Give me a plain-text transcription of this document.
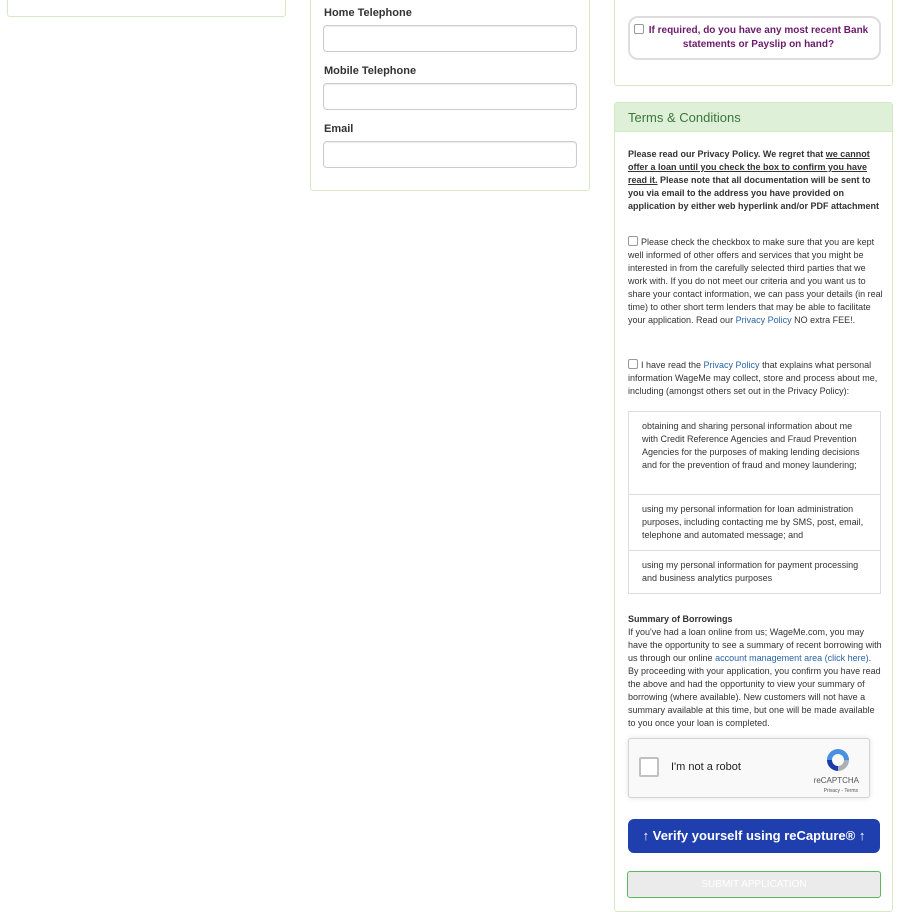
Home Telephone
Mobile Telephone
Email
If required, do you have any most recent Bank statements or Payslip on hand?
Terms & Conditions
Please read our Privacy Policy. We regret that we cannot offer a loan until you check the box to confirm you have read it. Please note that all documentation will be sent to you via email to the address you have provided on application by either web hyperlink and/or PDF attachment
Please check the checkbox to make sure that you are kept well informed of other offers and services that you might be interested in from the carefully selected third parties that we work with. If you do not meet our criteria and you want us to share your contact information, we can pass your details (in real time) to other short term lenders that may be able to facilitate your application. Read our Privacy Policy NO extra FEE!.
I have read the Privacy Policy that explains what personal information WageMe may collect, store and process about me, including (amongst others set out in the Privacy Policy):
obtaining and sharing personal information about me with Credit Reference Agencies and Fraud Prevention Agencies for the purposes of making lending decisions and for the prevention of fraud and money laundering;
using my personal information for loan administration purposes, including contacting me by SMS, post, email, telephone and automated message; and
using my personal information for payment processing and business analytics purposes
Summary of Borrowings
If you've had a loan online from us; WageMe.com, you may have the opportunity to see a summary of recent borrowing with us through our online account management area (click here). By proceeding with your application, you confirm you have read the above and had the opportunity to view your summary of borrowing (where available). New customers will not have a summary available at this time, but one will be made available to you once your loan is completed.
I'm not a robot
reCAPTCHA
Privacy - Terms
↑ Verify yourself using reCapture® ↑
SUBMIT APPLICATION
